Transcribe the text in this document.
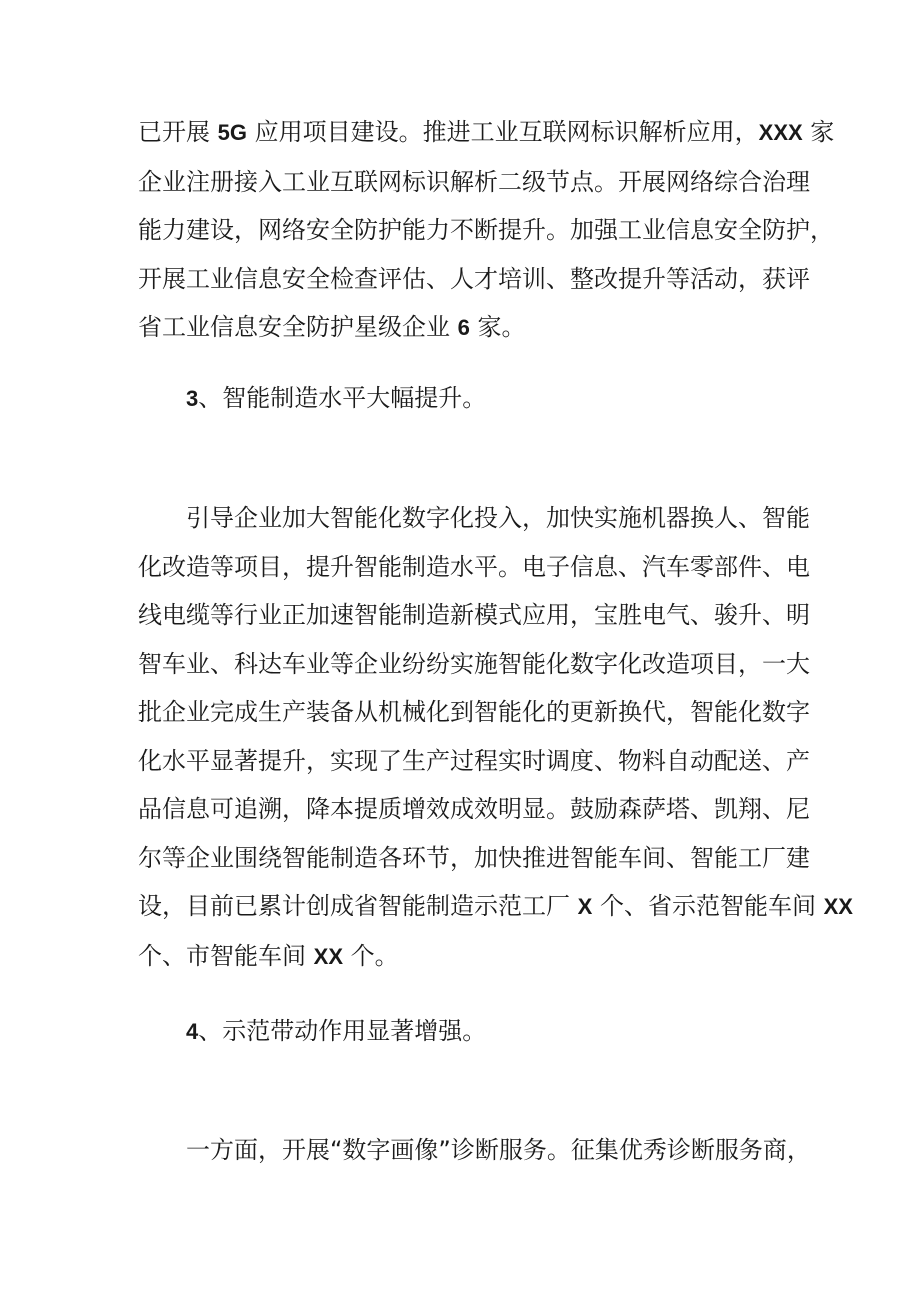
已开展 5G 应用项目建设。推进工业互联网标识解析应用，XXX 家
企业注册接入工业互联网标识解析二级节点。开展网络综合治理
能力建设，网络安全防护能力不断提升。加强工业信息安全防护，
开展工业信息安全检查评估、人才培训、整改提升等活动，获评
省工业信息安全防护星级企业 6 家。
3、智能制造水平大幅提升。
引导企业加大智能化数字化投入，加快实施机器换人、智能
化改造等项目，提升智能制造水平。电子信息、汽车零部件、电
线电缆等行业正加速智能制造新模式应用，宝胜电气、骏升、明
智车业、科达车业等企业纷纷实施智能化数字化改造项目，一大
批企业完成生产装备从机械化到智能化的更新换代，智能化数字
化水平显著提升，实现了生产过程实时调度、物料自动配送、产
品信息可追溯，降本提质增效成效明显。鼓励森萨塔、凯翔、尼
尔等企业围绕智能制造各环节，加快推进智能车间、智能工厂建
设，目前已累计创成省智能制造示范工厂 X 个、省示范智能车间 XX
个、市智能车间 XX 个。
4、示范带动作用显著增强。
一方面，开展“数字画像”诊断服务。征集优秀诊断服务商，
